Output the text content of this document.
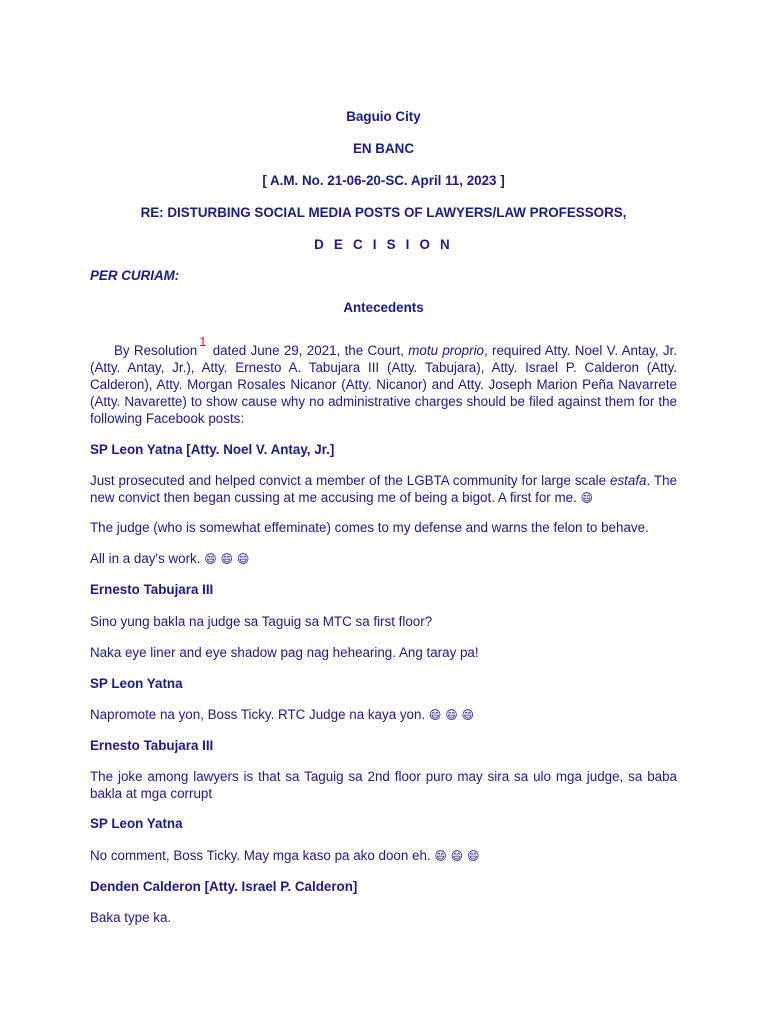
Baguio City

EN BANC

[ A.M. No. 21-06-20-SC. April 11, 2023 ]

RE: DISTURBING SOCIAL MEDIA POSTS OF LAWYERS/LAW PROFESSORS,

D E C I S I O N

PER CURIAM:

Antecedents

By Resolution1 dated June 29, 2021, the Court, motu proprio, required Atty. Noel V. Antay, Jr. (Atty. Antay, Jr.), Atty. Ernesto A. Tabujara III (Atty. Tabujara), Atty. Israel P. Calderon (Atty. Calderon), Atty. Morgan Rosales Nicanor (Atty. Nicanor) and Atty. Joseph Marion Peña Navarrete (Atty. Navarette) to show cause why no administrative charges should be filed against them for the following Facebook posts:

SP Leon Yatna [Atty. Noel V. Antay, Jr.]

Just prosecuted and helped convict a member of the LGBTA community for large scale estafa. The new convict then began cussing at me accusing me of being a bigot. A first for me. 😄

The judge (who is somewhat effeminate) comes to my defense and warns the felon to behave.

All in a day's work. 😄 😄 😄

Ernesto Tabujara III

Sino yung bakla na judge sa Taguig sa MTC sa first floor?

Naka eye liner and eye shadow pag nag hehearing. Ang taray pa!

SP Leon Yatna

Napromote na yon, Boss Ticky. RTC Judge na kaya yon. 😄 😄 😄

Ernesto Tabujara III

The joke among lawyers is that sa Taguig sa 2nd floor puro may sira sa ulo mga judge, sa baba bakla at mga corrupt

SP Leon Yatna

No comment, Boss Ticky. May mga kaso pa ako doon eh. 😄 😄 😄

Denden Calderon [Atty. Israel P. Calderon]

Baka type ka.
